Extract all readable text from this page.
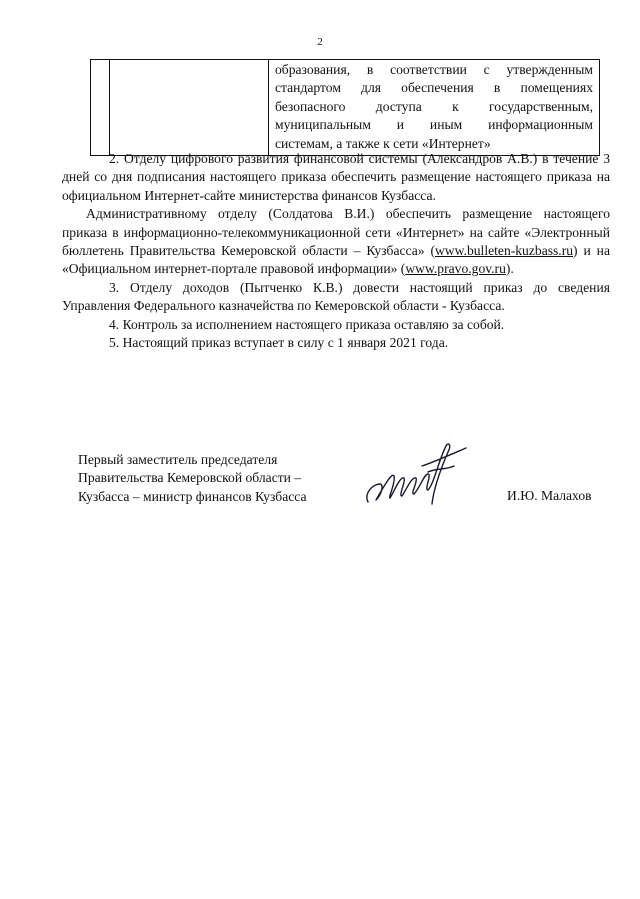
2

образования, в соответствии с утвержденным
стандартом для обеспечения в помещениях
безопасного доступа к государственным,
муниципальным и иным информационным
системам, а также к сети «Интернет»

2. Отделу цифрового развития финансовой системы (Александров А.В.) в течение 3 дней со дня подписания настоящего приказа обеспечить размещение настоящего приказа на официальном Интернет-сайте министерства финансов Кузбасса.

Административному отделу (Солдатова В.И.) обеспечить размещение настоящего приказа в информационно-телекоммуникационной сети «Интернет» на сайте «Электронный бюллетень Правительства Кемеровской области – Кузбасса» (www.bulleten-kuzbass.ru) и на «Официальном интернет-портале правовой информации» (www.pravo.gov.ru).

3. Отделу доходов (Пытченко К.В.) довести настоящий приказ до сведения Управления Федерального казначейства по Кемеровской области - Кузбасса.

4. Контроль за исполнением настоящего приказа оставляю за собой.

5. Настоящий приказ вступает в силу с 1 января 2021 года.

Первый заместитель председателя
Правительства Кемеровской области –
Кузбасса – министр финансов Кузбасса	И.Ю. Малахов
